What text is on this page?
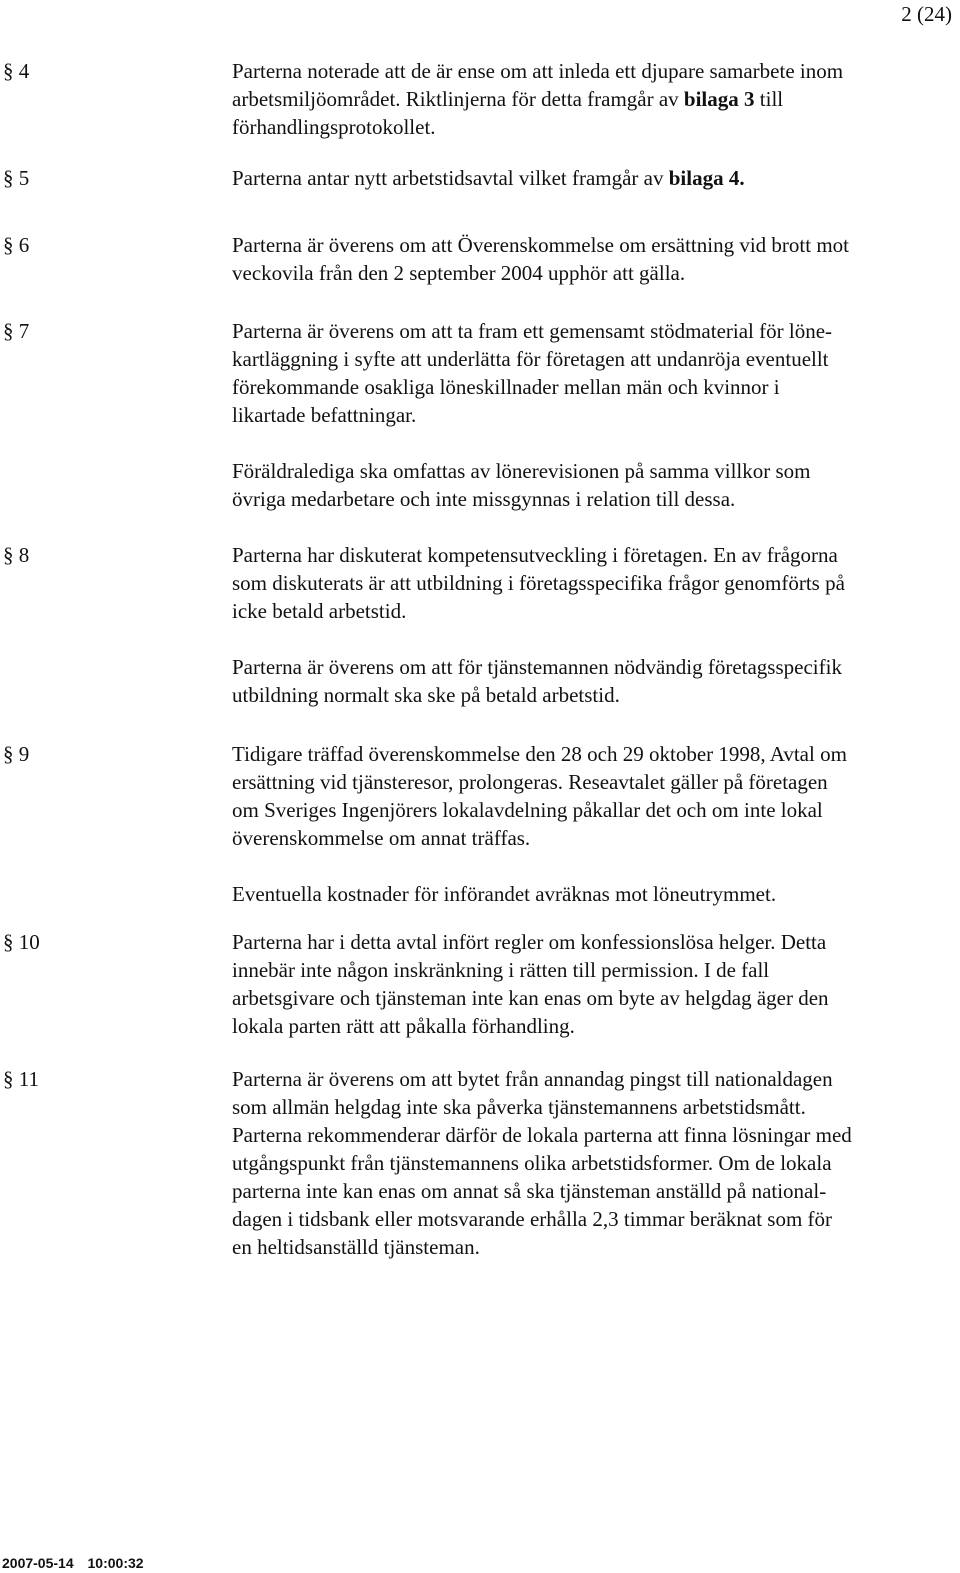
2 (24)
§ 4	Parterna noterade att de är ense om att inleda ett djupare samarbete inom
arbetsmiljöområdet. Riktlinjerna för detta framgår av bilaga 3 till
förhandlingsprotokollet.

§ 5	Parterna antar nytt arbetstidsavtal vilket framgår av bilaga 4.

§ 6	Parterna är överens om att Överenskommelse om ersättning vid brott mot
veckovila från den 2 september 2004 upphör att gälla.

§ 7	Parterna är överens om att ta fram ett gemensamt stödmaterial för löne-
kartläggning i syfte att underlätta för företagen att undanröja eventuellt
förekommande osakliga löneskillnader mellan män och kvinnor i
likartade befattningar.

Föräldralediga ska omfattas av lönerevisionen på samma villkor som
övriga medarbetare och inte missgynnas i relation till dessa.

§ 8	Parterna har diskuterat kompetensutveckling i företagen. En av frågorna
som diskuterats är att utbildning i företagsspecifika frågor genomförts på
icke betald arbetstid.

Parterna är överens om att för tjänstemannen nödvändig företagsspecifik
utbildning normalt ska ske på betald arbetstid.

§ 9	Tidigare träffad överenskommelse den 28 och 29 oktober 1998, Avtal om
ersättning vid tjänsteresor, prolongeras. Reseavtalet gäller på företagen
om Sveriges Ingenjörers lokalavdelning påkallar det och om inte lokal
överenskommelse om annat träffas.

Eventuella kostnader för införandet avräknas mot löneutrymmet.

§ 10	Parterna har i detta avtal infört regler om konfessionslösa helger. Detta
innebär inte någon inskränkning i rätten till permission. I de fall
arbetsgivare och tjänsteman inte kan enas om byte av helgdag äger den
lokala parten rätt att påkalla förhandling.

§ 11	Parterna är överens om att bytet från annandag pingst till nationaldagen
som allmän helgdag inte ska påverka tjänstemannens arbetstidsmått.
Parterna rekommenderar därför de lokala parterna att finna lösningar med
utgångspunkt från tjänstemannens olika arbetstidsformer. Om de lokala
parterna inte kan enas om annat så ska tjänsteman anställd på national-
dagen i tidsbank eller motsvarande erhålla 2,3 timmar beräknat som för
en heltidsanställd tjänsteman.

2007-05-14 10:00:32
